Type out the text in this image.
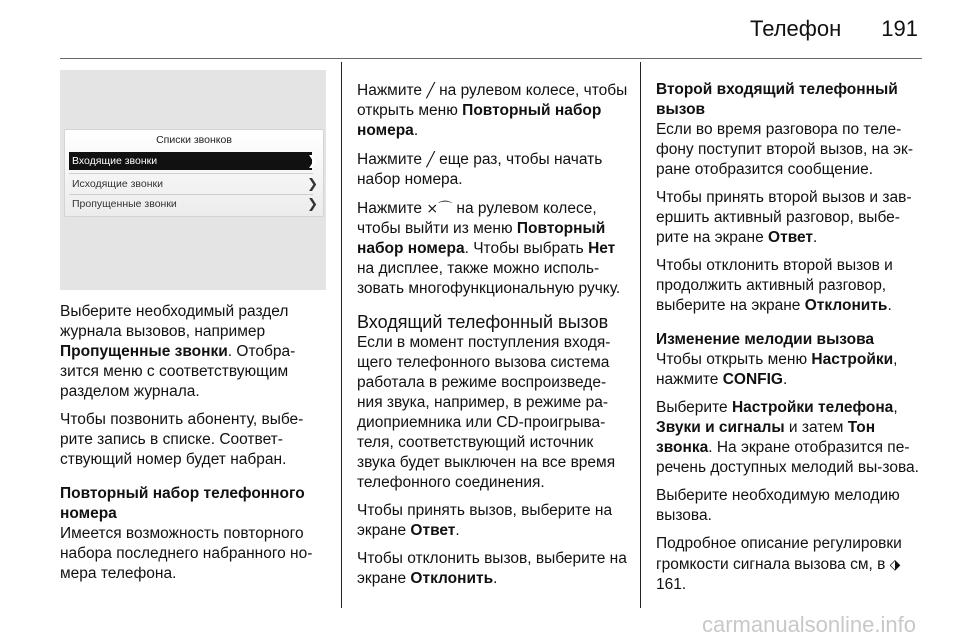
Телефон 191
Списки звонков
Входящие звонки	❯
Исходящие звонки	❯
Пропущенные звонки	❯

Выберите необходимый раздел журнала вызовов, например Пропущенные звонки. Отобра-зится меню с соответствующим разделом журнала.

Чтобы позвонить абоненту, выбе-рите запись в списке. Соответ-ствующий номер будет набран.

Повторный набор телефонного номера

Имеется возможность повторного набора последнего набранного но-мера телефона.

Нажмите ╱ на рулевом колесе, чтобы открыть меню Повторный набор номера.

Нажмите ╱ еще раз, чтобы начать набор номера.

Нажмите ⨯⌒ на рулевом колесе, чтобы выйти из меню Повторный набор номера. Чтобы выбрать Нет на дисплее, также можно исполь-зовать многофункциональную ручку.

Входящий телефонный вызов

Если в момент поступления входя-щего телефонного вызова система работала в режиме воспроизведе-ния звука, например, в режиме ра-диоприемника или CD-проигрыва-теля, соответствующий источник звука будет выключен на все время телефонного соединения.

Чтобы принять вызов, выберите на экране Ответ.

Чтобы отклонить вызов, выберите на экране Отклонить.

Второй входящий телефонный вызов

Если во время разговора по теле-фону поступит второй вызов, на эк-ране отобразится сообщение.

Чтобы принять второй вызов и зав-ершить активный разговор, выбе-рите на экране Ответ.

Чтобы отклонить второй вызов и продолжить активный разговор, выберите на экране Отклонить.

Изменение мелодии вызова

Чтобы открыть меню Настройки, нажмите CONFIG.

Выберите Настройки телефона, Звуки и сигналы и затем Тон звонка. На экране отобразится пе-речень доступных мелодий вы-зова.

Выберите необходимую мелодию вызова.

Подробное описание регулировки громкости сигнала вызова см, в ⬗ 161.

carmanualsonline.info
